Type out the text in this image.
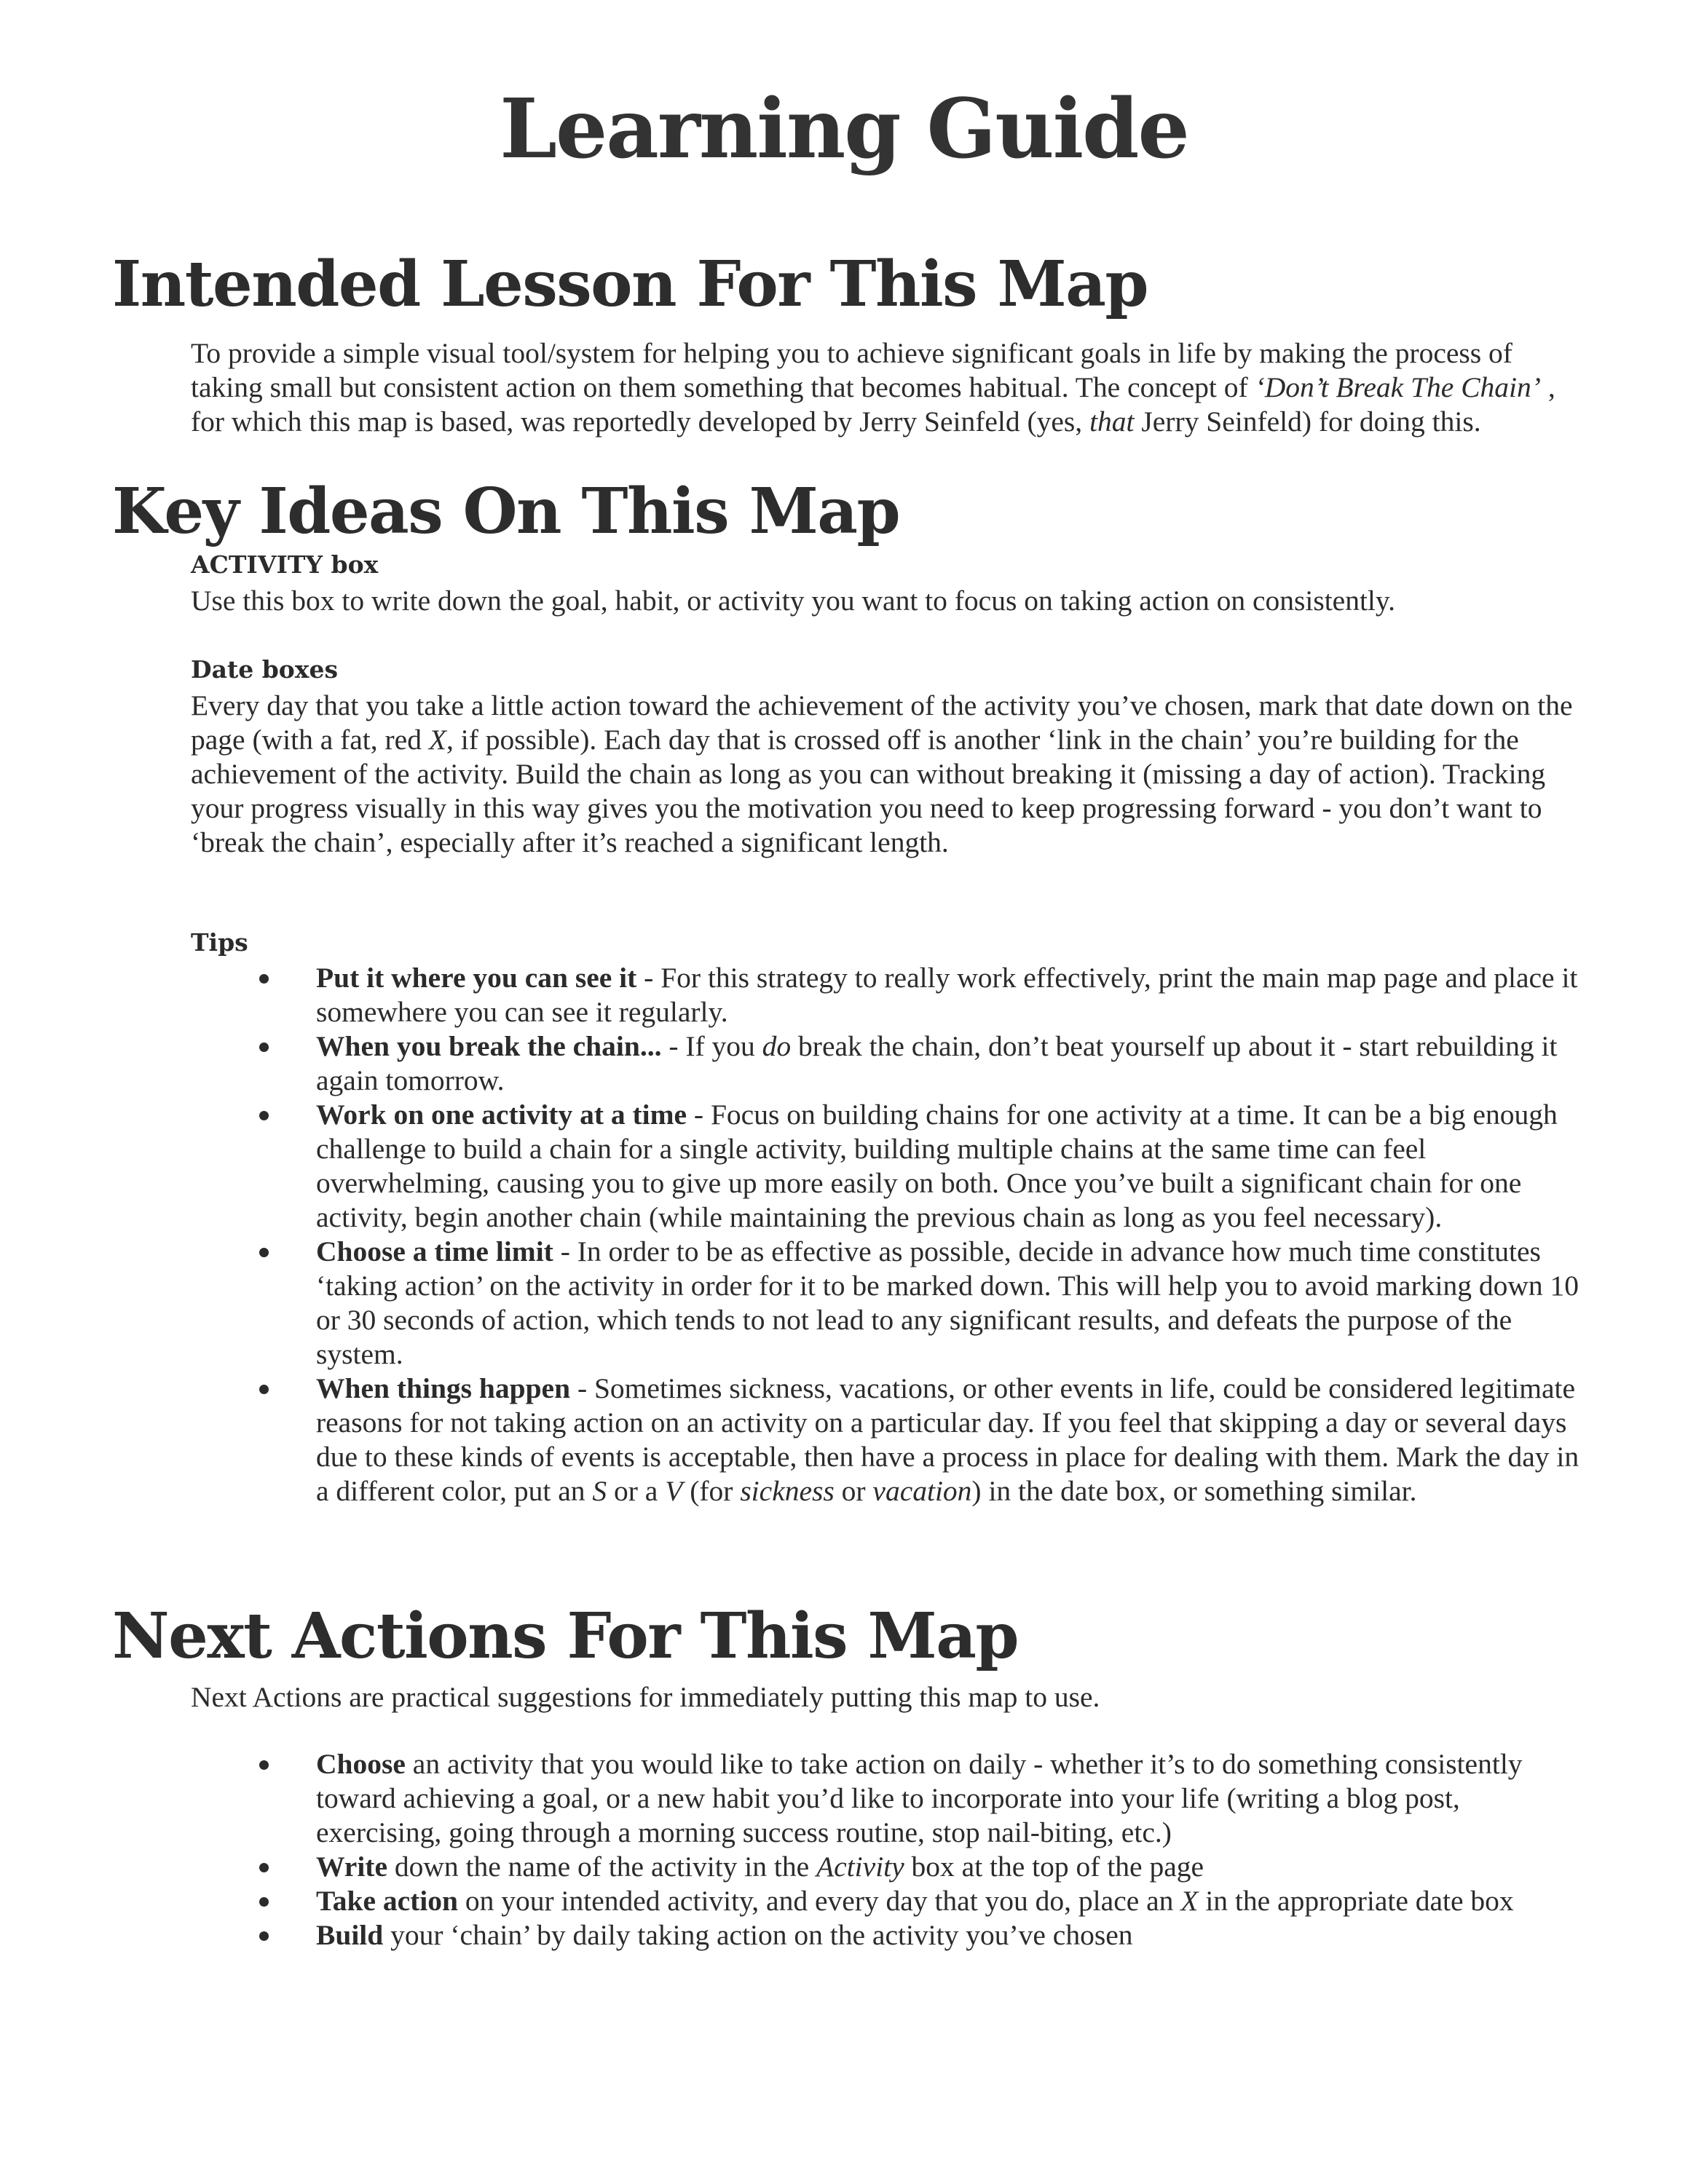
Learning Guide
Intended Lesson For This Map

To provide a simple visual tool/system for helping you to achieve significant goals in life by making the process of taking small but consistent action on them something that becomes habitual. The concept of ‘Don’t Break The Chain’ , for which this map is based, was reportedly developed by Jerry Seinfeld (yes, that Jerry Seinfeld) for doing this.

Key Ideas On This Map

ACTIVITY box

Use this box to write down the goal, habit, or activity you want to focus on taking action on consistently.

Date boxes

Every day that you take a little action toward the achievement of the activity you’ve chosen, mark that date down on the page (with a fat, red X, if possible). Each day that is crossed off is another ‘link in the chain’ you’re building for the achievement of the activity. Build the chain as long as you can without breaking it (missing a day of action). Tracking your progress visually in this way gives you the motivation you need to keep progressing forward - you don’t want to ‘break the chain’, especially after it’s reached a significant length.

Tips

Put it where you can see it - For this strategy to really work effectively, print the main map page and place it somewhere you can see it regularly.
When you break the chain... - If you do break the chain, don’t beat yourself up about it - start rebuilding it again tomorrow.
Work on one activity at a time - Focus on building chains for one activity at a time. It can be a big enough challenge to build a chain for a single activity, building multiple chains at the same time can feel overwhelming, causing you to give up more easily on both. Once you’ve built a significant chain for one activity, begin another chain (while maintaining the previous chain as long as you feel necessary).
Choose a time limit - In order to be as effective as possible, decide in advance how much time constitutes ‘taking action’ on the activity in order for it to be marked down. This will help you to avoid marking down 10 or 30 seconds of action, which tends to not lead to any significant results, and defeats the purpose of the system.
When things happen - Sometimes sickness, vacations, or other events in life, could be considered legitimate reasons for not taking action on an activity on a particular day. If you feel that skipping a day or several days due to these kinds of events is acceptable, then have a process in place for dealing with them. Mark the day in a different color, put an S or a V (for sickness or vacation) in the date box, or something similar.
Next Actions For This Map

Next Actions are practical suggestions for immediately putting this map to use.

Choose an activity that you would like to take action on daily - whether it’s to do something consistently toward achieving a goal, or a new habit you’d like to incorporate into your life (writing a blog post, exercising, going through a morning success routine, stop nail-biting, etc.)
Write down the name of the activity in the Activity box at the top of the page
Take action on your intended activity, and every day that you do, place an X in the appropriate date box
Build your ‘chain’ by daily taking action on the activity you’ve chosen
